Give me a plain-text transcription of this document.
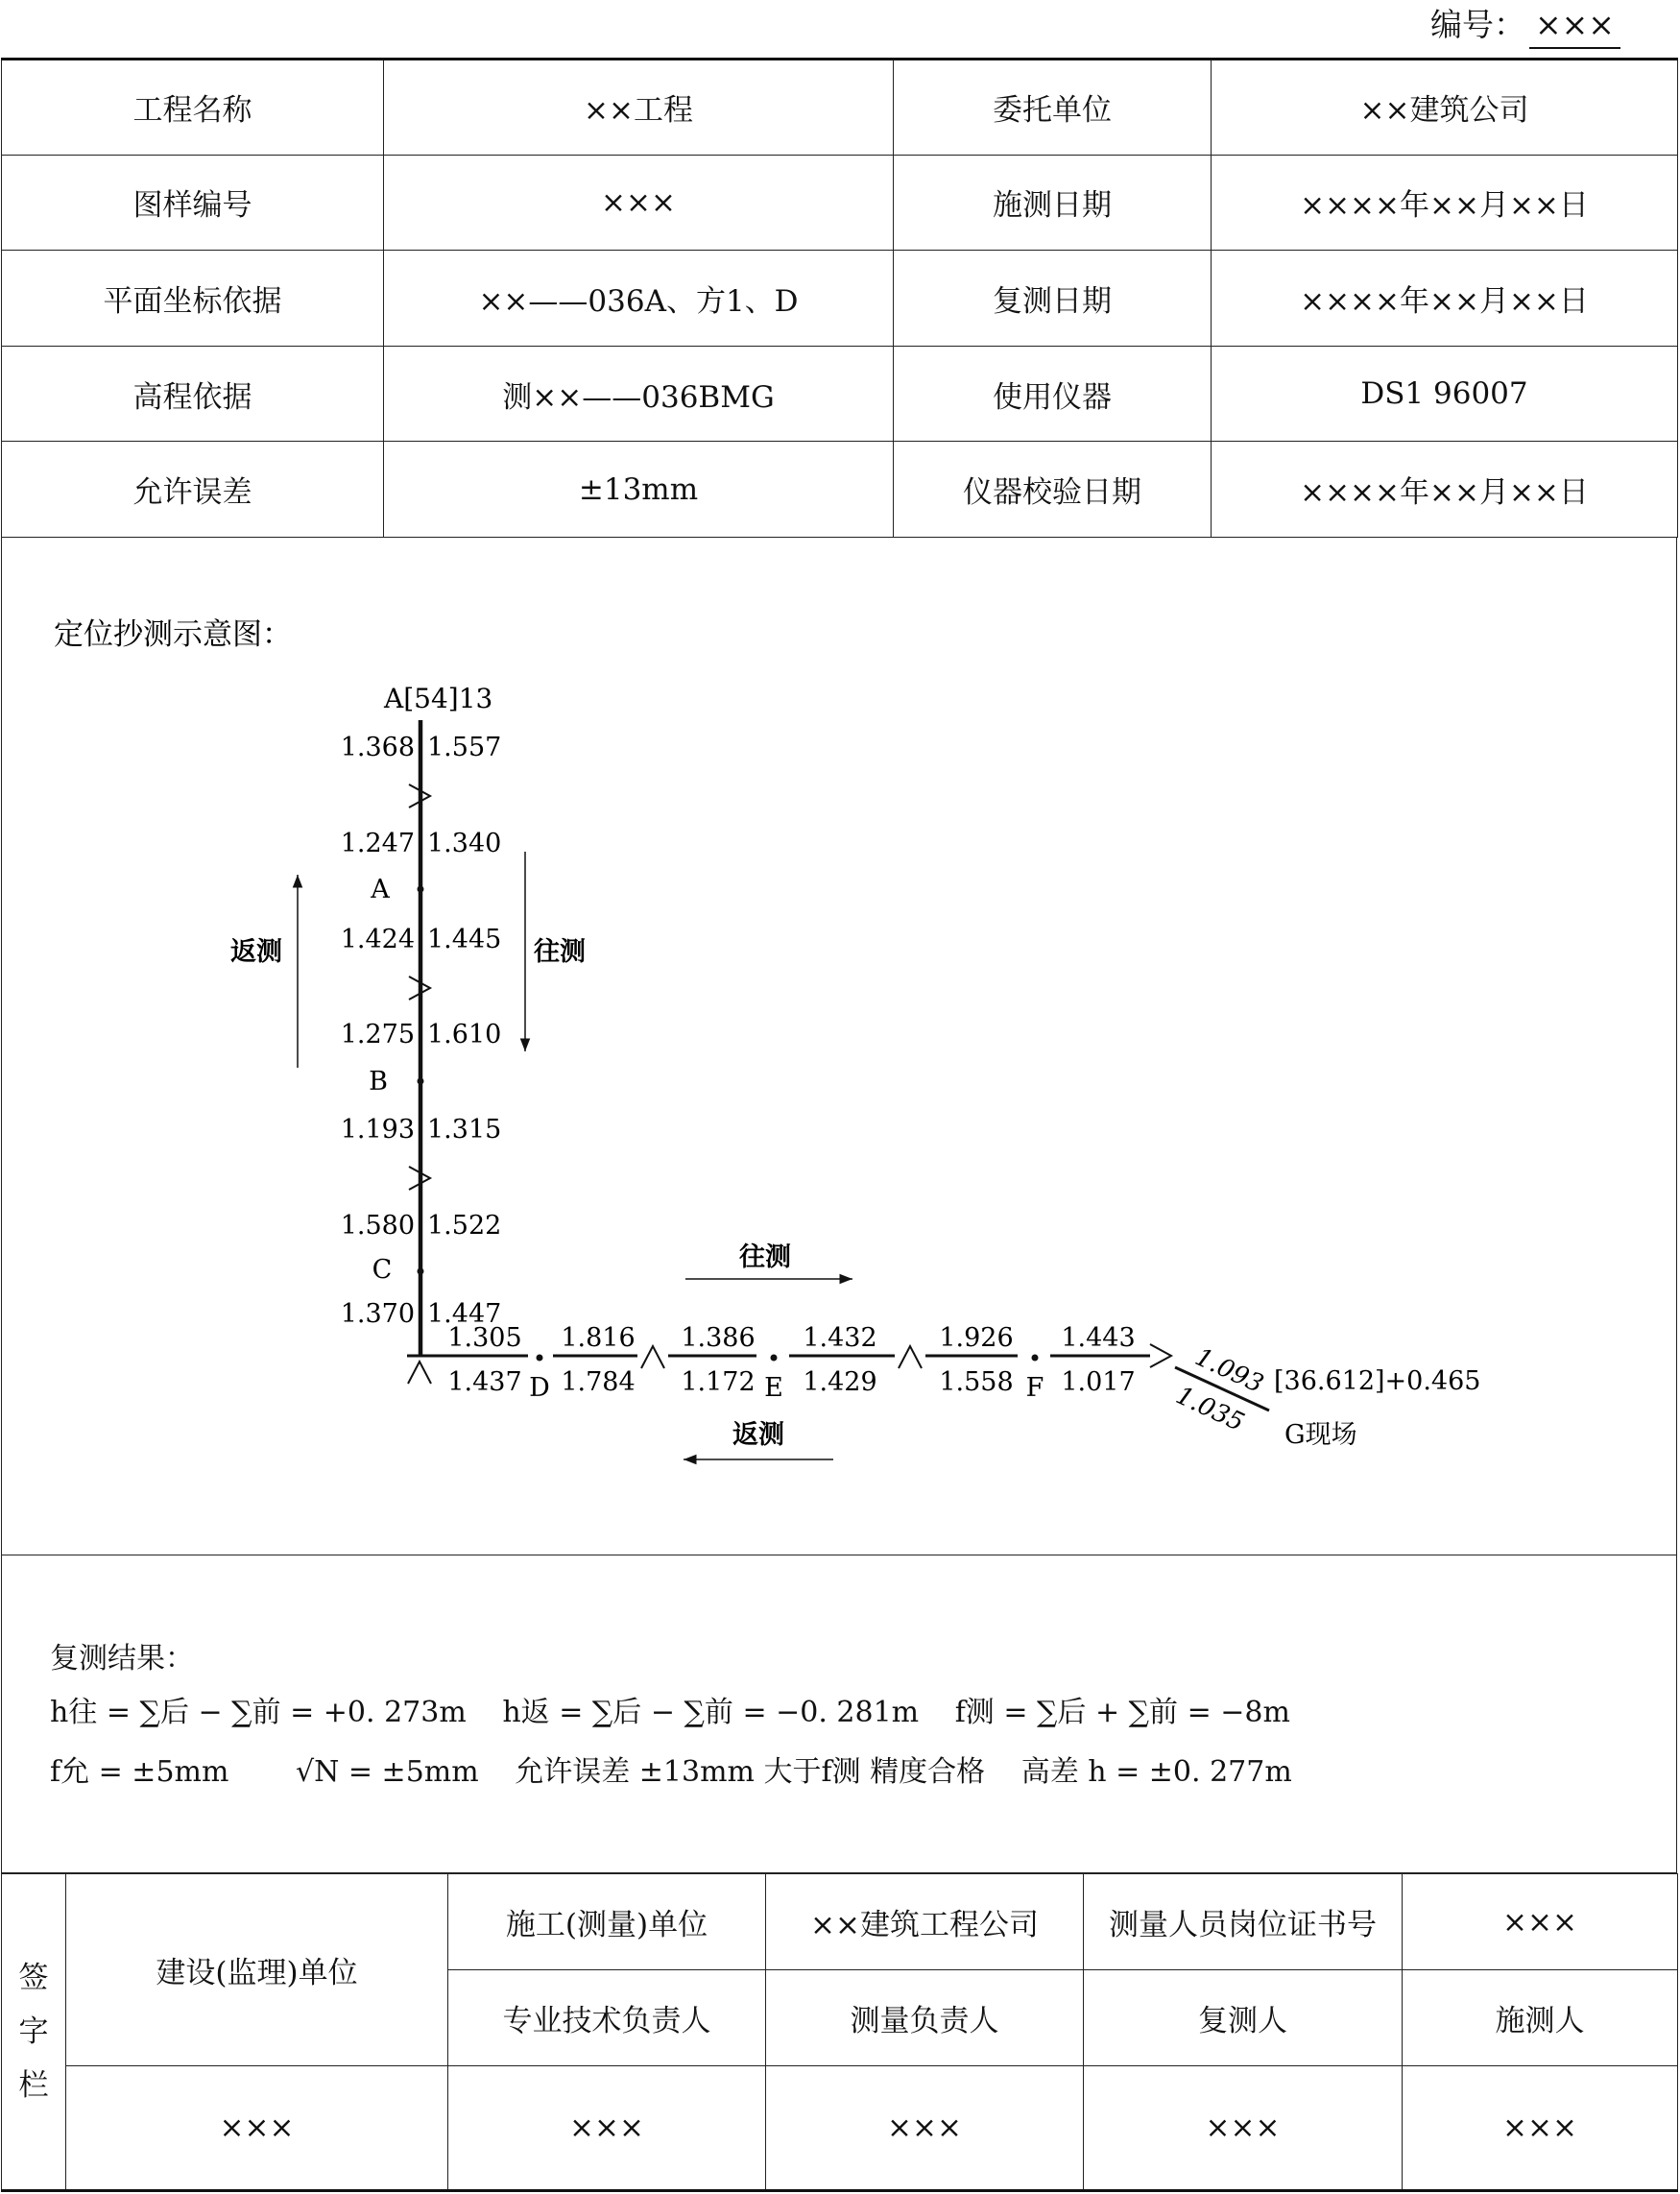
编号： ×××
工程名称	××工程	委托单位	××建筑公司
图样编号	×××	施测日期	××××年××月××日
平面坐标依据	××——036A、方1、D	复测日期	××××年××月××日
高程依据	测××——036BMG	使用仪器	DS1 96007
允许误差	±13mm	仪器校验日期	××××年××月××日
定位抄测示意图：
A[54]13
1.368 1.557
1.247 1.340
1.424 1.445
1.275 1.610
1.193 1.315
1.580 1.522
1.370 1.447
A
B
C
返测	往测
D	E	F
1.305
1.437
1.816
1.784
1.386
1.172
1.432
1.429
1.926
1.558
1.443
1.017 1.093
1.035 [36.612]+0.465
G现场
往测
返测
复测结果：
h往 = ∑后 − ∑前 = +0. 273m h返 = ∑后 − ∑前 = −0. 281m f测 = ∑后 + ∑前 = −8m
f允 = ±5mm √N = ±5mm 允许误差 ±13mm 大于f测 精度合格 高差 h = ±0. 277m
签字栏	建设(监理)单位	施工(测量)单位	××建筑工程公司	测量人员岗位证书号	×××
		专业技术负责人	测量负责人	复测人	施测人
	×××	×××	×××	×××	×××
